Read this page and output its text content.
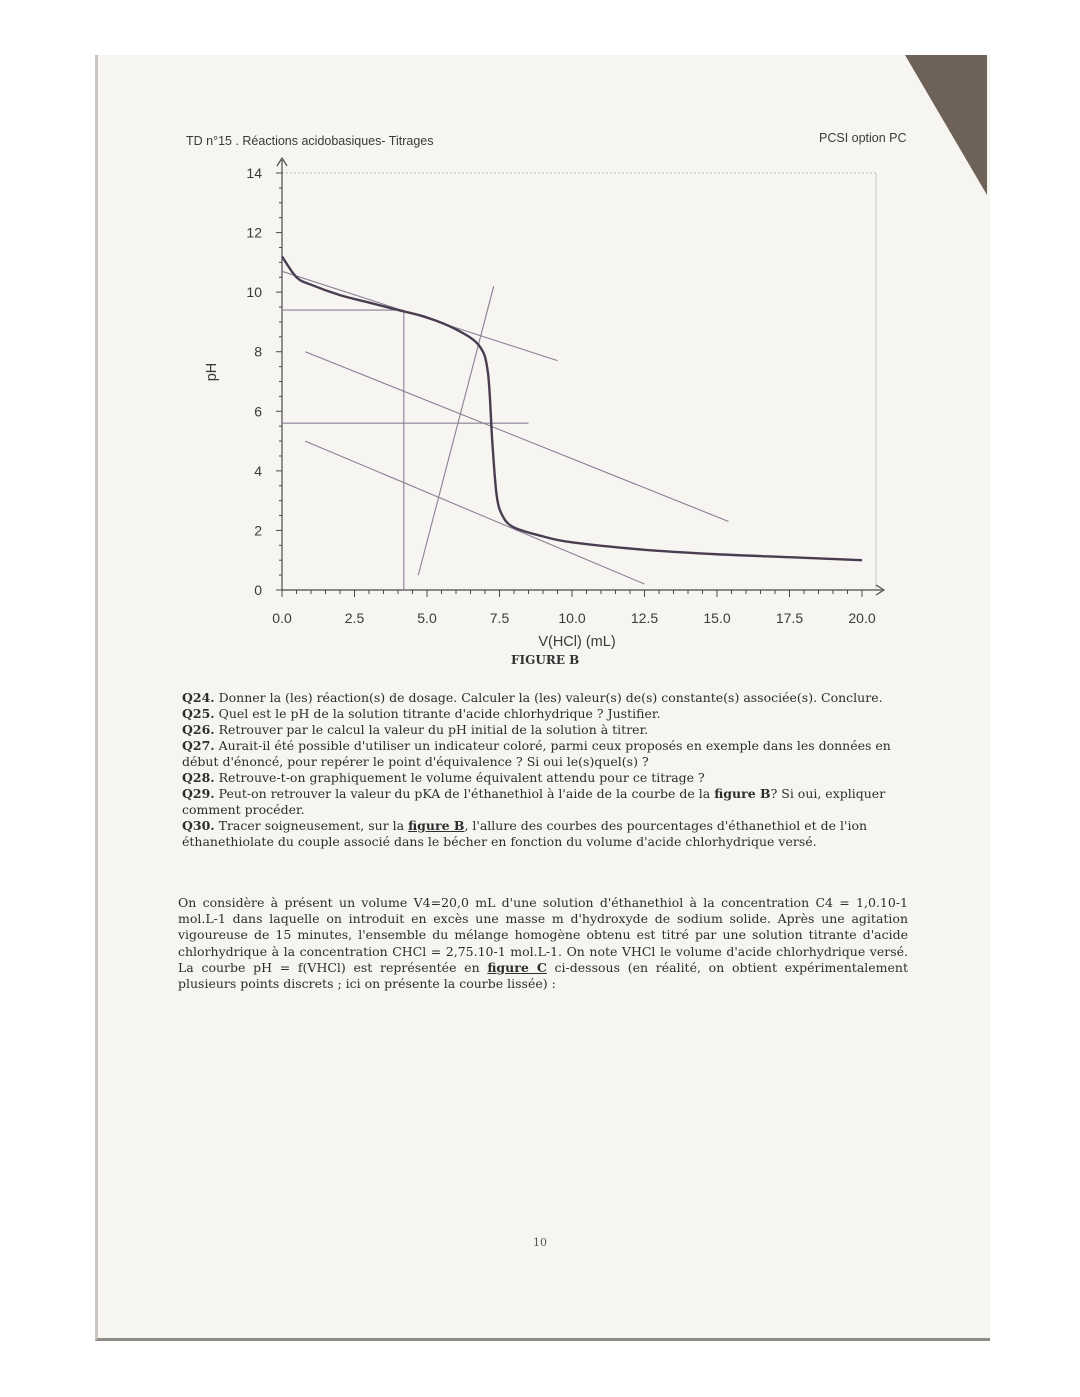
TD n°15 . Réactions acidobasiques- Titrages	PCSI option PC
0
2
4
6
8
10
12
14
0.0	2.5	5.0	7.5	10.0	12.5	15.0	17.5	20.0
V(HCl) (mL)
pH
FIGURE B

Q24. Donner la (les) réaction(s) de dosage. Calculer la (les) valeur(s) de(s) constante(s) associée(s). Conclure.

Q25. Quel est le pH de la solution titrante d'acide chlorhydrique ? Justifier.

Q26. Retrouver par le calcul la valeur du pH initial de la solution à titrer.

Q27. Aurait-il été possible d'utiliser un indicateur coloré, parmi ceux proposés en exemple dans les données en début d'énoncé, pour repérer le point d'équivalence ? Si oui le(s)quel(s) ?

Q28. Retrouve-t-on graphiquement le volume équivalent attendu pour ce titrage ?

Q29. Peut-on retrouver la valeur du pKA de l'éthanethiol à l'aide de la courbe de la figure B? Si oui, expliquer comment procéder.

Q30. Tracer soigneusement, sur la figure B, l'allure des courbes des pourcentages d'éthanethiol et de l'ion éthanethiolate du couple associé dans le bécher en fonction du volume d'acide chlorhydrique versé.

On considère à présent un volume V4=20,0 mL d'une solution d'éthanethiol à la concentration C4 = 1,0.10-1 mol.L-1 dans laquelle on introduit en excès une masse m d'hydroxyde de sodium solide. Après une agitation vigoureuse de 15 minutes, l'ensemble du mélange homogène obtenu est titré par une solution titrante d'acide chlorhydrique à la concentration CHCl = 2,75.10-1 mol.L-1. On note VHCl le volume d'acide chlorhydrique versé. La courbe pH = f(VHCl) est représentée en figure C ci-dessous (en réalité, on obtient expérimentalement plusieurs points discrets ; ici on présente la courbe lissée) :
10
